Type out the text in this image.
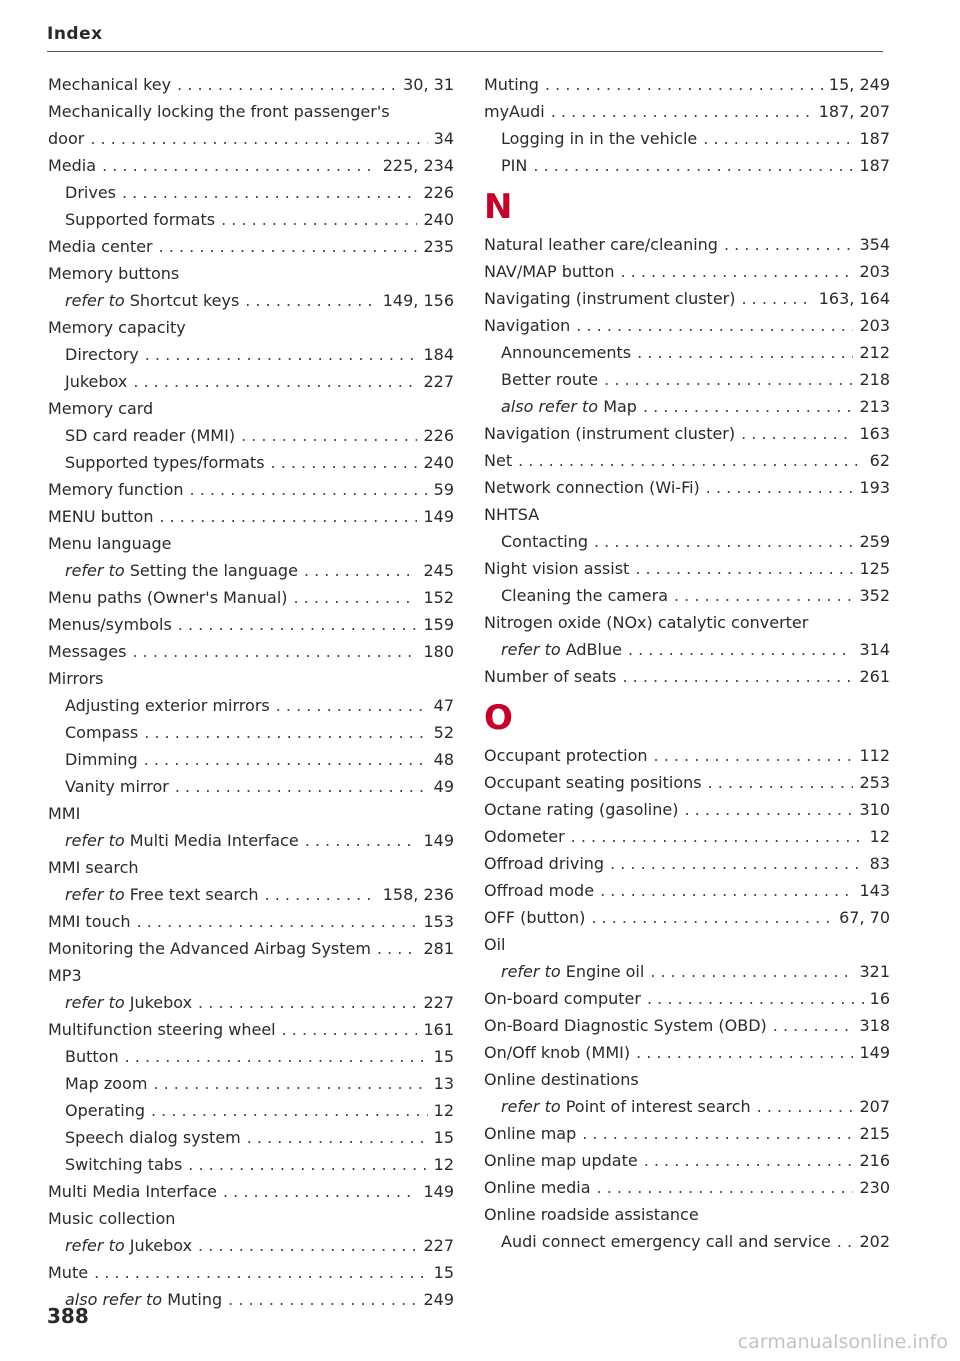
Index
Mechanical key . . .	30, 31
Mechanically locking the front passenger's
door . . .	34
Media . . .	225, 234
Drives . . .	226
Supported formats . . .	240
Media center . . .	235
Memory buttons
refer to Shortcut keys . . .	149, 156
Memory capacity
Directory . . .	184
Jukebox . . .	227
Memory card
SD card reader (MMI) . . .	226
Supported types/formats . . .	240
Memory function . . .	59
MENU button . . .	149
Menu language
refer to Setting the language . . .	245
Menu paths (Owner's Manual) . . .	152
Menus/symbols . . .	159
Messages . . .	180
Mirrors
Adjusting exterior mirrors . . .	47
Compass . . .	52
Dimming . . .	48
Vanity mirror . . .	49
MMI
refer to Multi Media Interface . . .	149
MMI search
refer to Free text search . . .	158, 236
MMI touch . . .	153
Monitoring the Advanced Airbag System . . .	281
MP3
refer to Jukebox . . .	227
Multifunction steering wheel . . .	161
Button . . .	15
Map zoom . . .	13
Operating . . .	12
Speech dialog system . . .	15
Switching tabs . . .	12
Multi Media Interface . . .	149
Music collection
refer to Jukebox . . .	227
Mute . . .	15
also refer to Muting . . .	249
Muting . . .	15, 249
myAudi . . .	187, 207
Logging in in the vehicle . . .	187
PIN . . .	187
N
Natural leather care/cleaning . . .	354
NAV/MAP button . . .	203
Navigating (instrument cluster) . . .	163, 164
Navigation . . .	203
Announcements . . .	212
Better route . . .	218
also refer to Map . . .	213
Navigation (instrument cluster) . . .	163
Net . . .	62
Network connection (Wi-Fi) . . .	193
NHTSA
Contacting . . .	259
Night vision assist . . .	125
Cleaning the camera . . .	352
Nitrogen oxide (NOx) catalytic converter
refer to AdBlue . . .	314
Number of seats . . .	261
O
Occupant protection . . .	112
Occupant seating positions . . .	253
Octane rating (gasoline) . . .	310
Odometer . . .	12
Offroad driving . . .	83
Offroad mode . . .	143
OFF (button) . . .	67, 70
Oil
refer to Engine oil . . .	321
On-board computer . . .	16
On-Board Diagnostic System (OBD) . . .	318
On/Off knob (MMI) . . .	149
Online destinations
refer to Point of interest search . . .	207
Online map . . .	215
Online map update . . .	216
Online media . . .	230
Online roadside assistance
Audi connect emergency call and service . . . 202
388
carmanualsonline.info
